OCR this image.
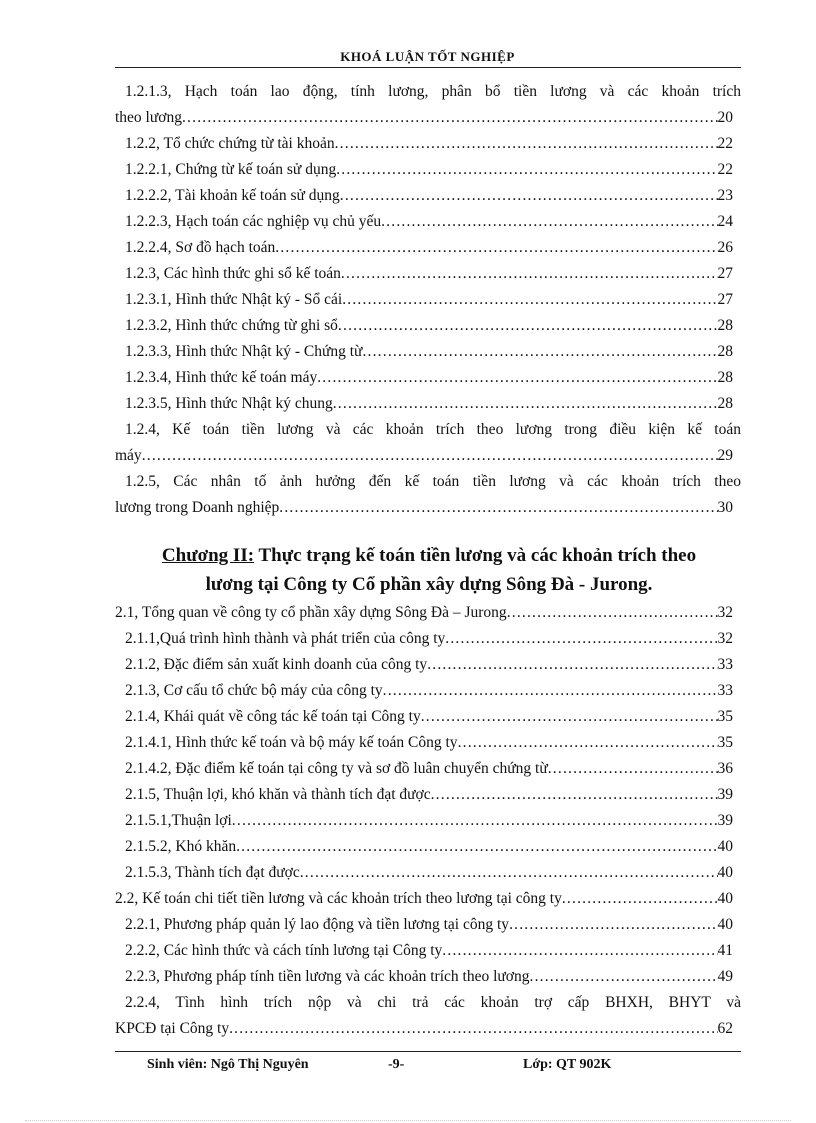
KHOÁ LUẬN TỐT NGHIỆP
1.2.1.3, Hạch toán lao động, tính lương, phân bổ tiền lương và các khoản trích
theo lương .....	20
1.2.2, Tổ chức chứng từ tài khoản .....	22
1.2.2.1, Chứng từ kế toán sử dụng .....	22
1.2.2.2, Tài khoản kế toán sử dụng .....	23
1.2.2.3, Hạch toán các nghiệp vụ chủ yếu .....	24
1.2.2.4, Sơ đồ hạch toán .....	26
1.2.3, Các hình thức ghi sổ kế toán .....	27
1.2.3.1, Hình thức Nhật ký - Sổ cái .....	27
1.2.3.2, Hình thức chứng từ ghi sổ .....	28
1.2.3.3, Hình thức Nhật ký - Chứng từ .....	28
1.2.3.4, Hình thức kế toán máy .....	28
1.2.3.5, Hình thức Nhật ký chung .....	28
1.2.4, Kế toán tiền lương và các khoản trích theo lương trong điều kiện kế toán
máy .....	29
1.2.5, Các nhân tố ảnh hưởng đến kế toán tiền lương và các khoản trích theo
lương trong Doanh nghiệp .....	30
2.1, Tổng quan về công ty cổ phần xây dựng Sông Đà – Jurong .....	32
2.1.1,Quá trình hình thành và phát triển của công ty .....	32
2.1.2, Đặc điểm sản xuất kinh doanh của công ty .....	33
2.1.3, Cơ cấu tổ chức bộ máy của công ty .....	33
2.1.4, Khái quát về công tác kế toán tại Công ty .....	35
2.1.4.1, Hình thức kế toán và bộ máy kế toán Công ty .....	35
2.1.4.2, Đặc điểm kế toán tại công ty và sơ đồ luân chuyển chứng từ .....	36
2.1.5, Thuận lợi, khó khăn và thành tích đạt được .....	39
2.1.5.1,Thuận lợi .....	39
2.1.5.2, Khó khăn .....	40
2.1.5.3, Thành tích đạt được .....	40
2.2, Kế toán chi tiết tiền lương và các khoản trích theo lương tại công ty .....	40
2.2.1, Phương pháp quản lý lao động và tiền lương tại công ty .....	40
2.2.2, Các hình thức và cách tính lương tại Công ty .....	41
2.2.3, Phương pháp tính tiền lương và các khoản trích theo lương .....	49
2.2.4, Tình hình trích nộp và chi trả các khoản trợ cấp BHXH, BHYT và
KPCĐ tại Công ty .....	62
Chương II: Thực trạng kế toán tiền lương và các khoản trích theo
lương tại Công ty Cổ phần xây dựng Sông Đà - Jurong.
Sinh viên: Ngô Thị Nguyên	-9-	Lớp: QT 902K
